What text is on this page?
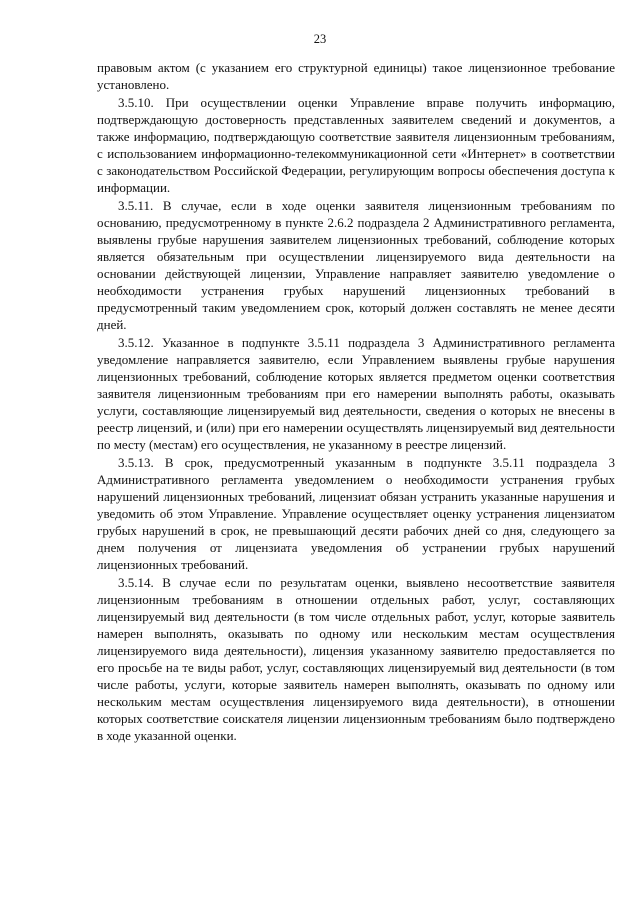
23

правовым актом (с указанием его структурной единицы) такое лицензионное требование установлено.

3.5.10. При осуществлении оценки Управление вправе получить информацию, подтверждающую достоверность представленных заявителем сведений и документов, а также информацию, подтверждающую соответствие заявителя лицензионным требованиям, с использованием информационно-телекоммуникационной сети «Интернет» в соответствии с законодательством Российской Федерации, регулирующим вопросы обеспечения доступа к информации.

3.5.11. В случае, если в ходе оценки заявителя лицензионным требованиям по основанию, предусмотренному в пункте 2.6.2 подраздела 2 Административного регламента, выявлены грубые нарушения заявителем лицензионных требований, соблюдение которых является обязательным при осуществлении лицензируемого вида деятельности на основании действующей лицензии, Управление направляет заявителю уведомление о необходимости устранения грубых нарушений лицензионных требований в предусмотренный таким уведомлением срок, который должен составлять не менее десяти дней.

3.5.12. Указанное в подпункте 3.5.11 подраздела 3 Административного регламента уведомление направляется заявителю, если Управлением выявлены грубые нарушения лицензионных требований, соблюдение которых является предметом оценки соответствия заявителя лицензионным требованиям при его намерении выполнять работы, оказывать услуги, составляющие лицензируемый вид деятельности, сведения о которых не внесены в реестр лицензий, и (или) при его намерении осуществлять лицензируемый вид деятельности по месту (местам) его осуществления, не указанному в реестре лицензий.

3.5.13. В срок, предусмотренный указанным в подпункте 3.5.11 подраздела 3 Административного регламента уведомлением о необходимости устранения грубых нарушений лицензионных требований, лицензиат обязан устранить указанные нарушения и уведомить об этом Управление. Управление осуществляет оценку устранения лицензиатом грубых нарушений в срок, не превышающий десяти рабочих дней со дня, следующего за днем получения от лицензиата уведомления об устранении грубых нарушений лицензионных требований.

3.5.14. В случае если по результатам оценки, выявлено несоответствие заявителя лицензионным требованиям в отношении отдельных работ, услуг, составляющих лицензируемый вид деятельности (в том числе отдельных работ, услуг, которые заявитель намерен выполнять, оказывать по одному или нескольким местам осуществления лицензируемого вида деятельности), лицензия указанному заявителю предоставляется по его просьбе на те виды работ, услуг, составляющих лицензируемый вид деятельности (в том числе работы, услуги, которые заявитель намерен выполнять, оказывать по одному или нескольким местам осуществления лицензируемого вида деятельности), в отношении которых соответствие соискателя лицензии лицензионным требованиям было подтверждено в ходе указанной оценки.
